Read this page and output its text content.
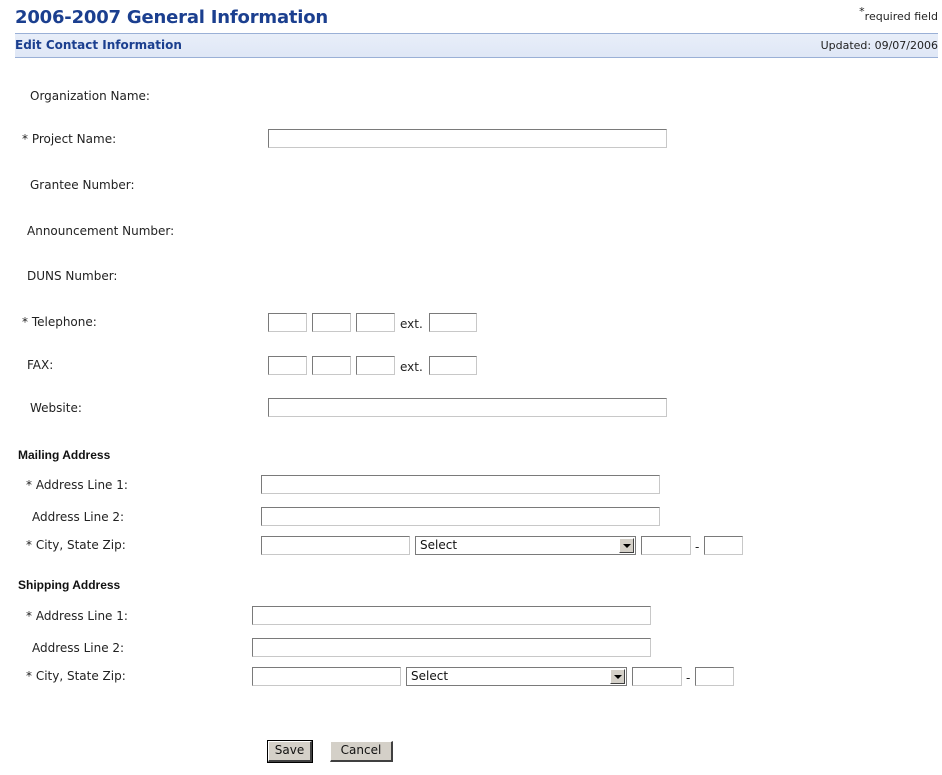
2006-2007 General Information	*required field
Edit Contact Information	Updated: 09/07/2006
Organization Name:
* Project Name:
Grantee Number:
Announcement Number:
DUNS Number:
* Telephone:	ext.
FAX:	ext.
Website:
Mailing Address
* Address Line 1:
Address Line 2:
* City, State Zip:	Select	-
Shipping Address
* Address Line 1:
Address Line 2:
* City, State Zip:	Select	-
Save	Cancel
